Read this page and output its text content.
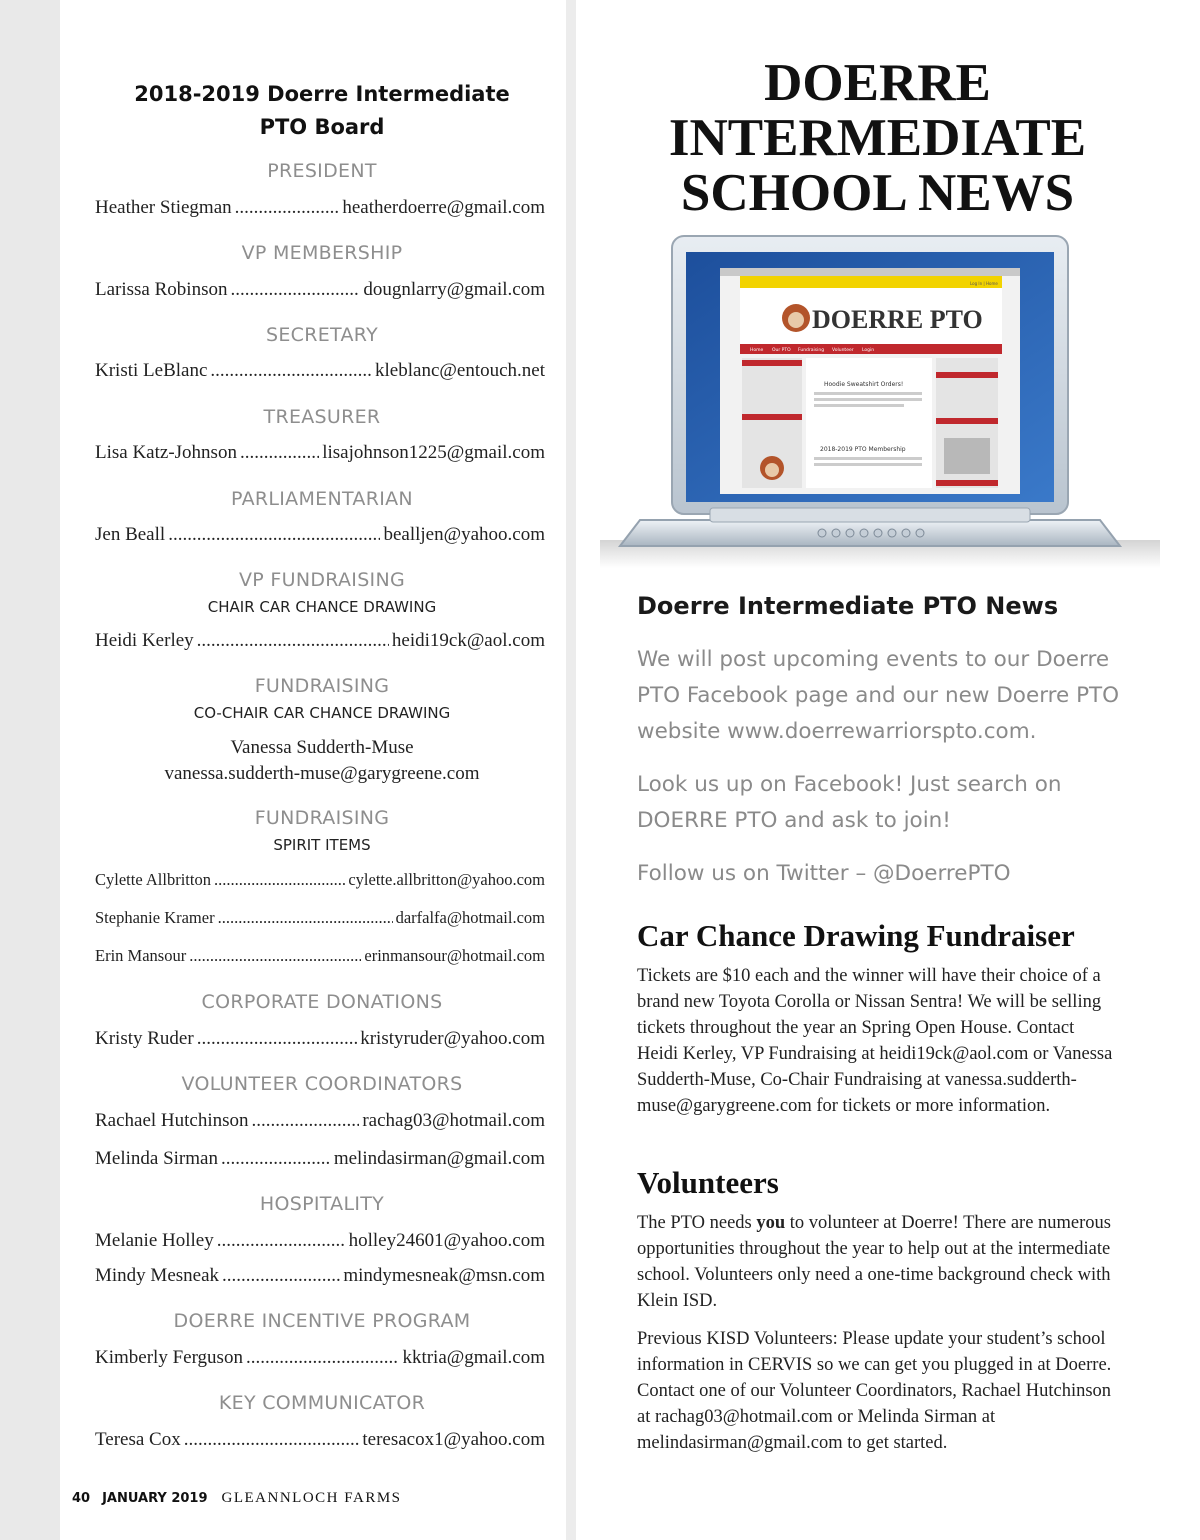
2018-2019 Doerre Intermediate
PTO Board
PRESIDENT
Heather Stiegman .....	heatherdoerre@gmail.com
VP MEMBERSHIP
Larissa Robinson .....	dougnlarry@gmail.com
SECRETARY
Kristi LeBlanc .....	kleblanc@entouch.net
TREASURER
Lisa Katz-Johnson .....	lisajohnson1225@gmail.com
PARLIAMENTARIAN
Jen Beall .....	bealljen@yahoo.com
VP FUNDRAISING
CHAIR CAR CHANCE DRAWING
Heidi Kerley .....	heidi19ck@aol.com
FUNDRAISING
CO-CHAIR CAR CHANCE DRAWING
Vanessa Sudderth-Muse
vanessa.sudderth-muse@garygreene.com
FUNDRAISING
SPIRIT ITEMS
Cylette Allbritton .....	cylette.allbritton@yahoo.com
Stephanie Kramer .....	darfalfa@hotmail.com
Erin Mansour .....	erinmansour@hotmail.com
CORPORATE DONATIONS
Kristy Ruder .....	kristyruder@yahoo.com
VOLUNTEER COORDINATORS
Rachael Hutchinson .....	rachag03@hotmail.com
Melinda Sirman .....	melindasirman@gmail.com
HOSPITALITY
Melanie Holley .....	holley24601@yahoo.com
Mindy Mesneak .....	mindymesneak@msn.com
DOERRE INCENTIVE PROGRAM
Kimberly Ferguson .....	kktria@gmail.com
KEY COMMUNICATOR
Teresa Cox .....	teresacox1@yahoo.com
40 JANUARY 2019 GLEANNLOCH FARMS
DOERRE
INTERMEDIATE
SCHOOL NEWS
Log In | Home
DOERRE PTO
Home Our PTO Fundraising Volunteer Login
Hoodie Sweatshirt Orders!
2018-2019 PTO Membership
Doerre Intermediate PTO News
We will post upcoming events to our Doerre PTO Facebook page and our new Doerre PTO website www.doerrewarriorspto.com.
Look us up on Facebook! Just search on DOERRE PTO and ask to join!
Follow us on Twitter – @DoerrePTO
Car Chance Drawing Fundraiser
Tickets are $10 each and the winner will have their choice of a brand new Toyota Corolla or Nissan Sentra! We will be selling tickets throughout the year an Spring Open House. Contact Heidi Kerley, VP Fundraising at heidi19ck@aol.com or Vanessa Sudderth-Muse, Co-Chair Fundraising at vanessa.sudderth-muse@garygreene.com for tickets or more information.
Volunteers
The PTO needs you to volunteer at Doerre! There are numerous opportunities throughout the year to help out at the intermediate school. Volunteers only need a one-time background check with Klein ISD.
Previous KISD Volunteers: Please update your student’s school information in CERVIS so we can get you plugged in at Doerre. Contact one of our Volunteer Coordinators, Rachael Hutchinson at rachag03@hotmail.com or Melinda Sirman at melindasirman@gmail.com to get started.
